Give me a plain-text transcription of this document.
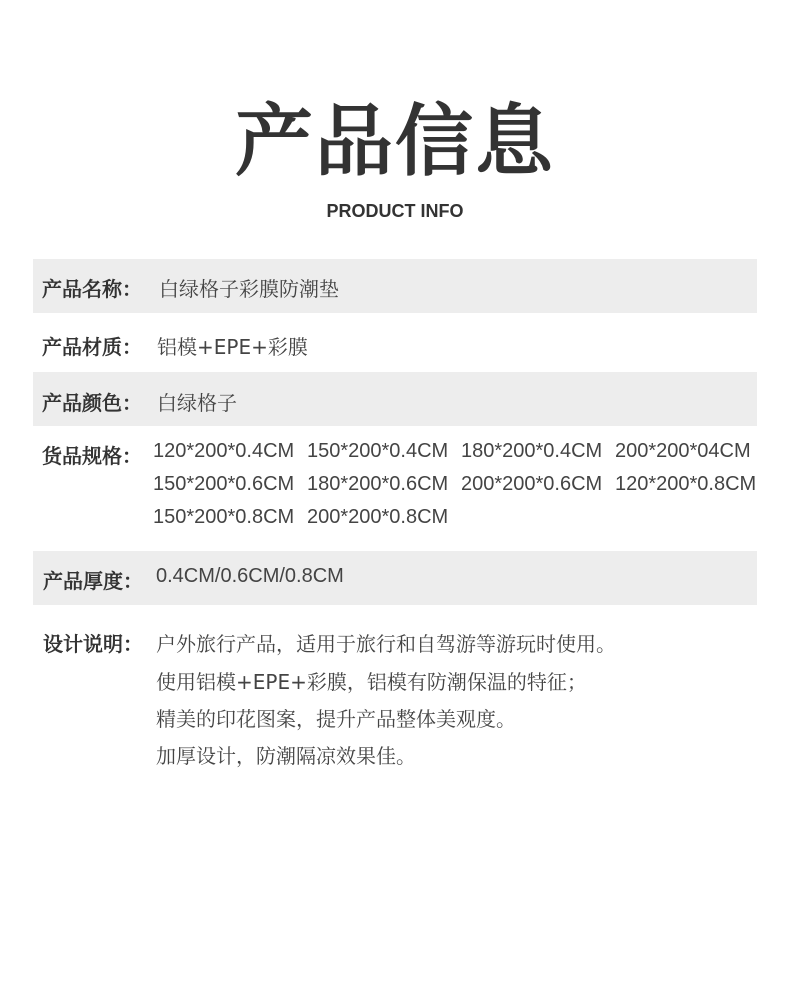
产品信息
PRODUCT INFO
产品名称： 白绿格子彩膜防潮垫
产品材质： 铝模+EPE+彩膜
产品颜色： 白绿格子
货品规格： 120*200*0.4CM 150*200*0.4CM 180*200*0.4CM 200*200*04CM
150*200*0.6CM 180*200*0.6CM 200*200*0.6CM 120*200*0.8CM
150*200*0.8CM 200*200*0.8CM
产品厚度： 0.4CM/0.6CM/0.8CM
设计说明： 户外旅行产品，适用于旅行和自驾游等游玩时使用。
使用铝模+EPE+彩膜，铝模有防潮保温的特征；
精美的印花图案，提升产品整体美观度。
加厚设计，防潮隔凉效果佳。
